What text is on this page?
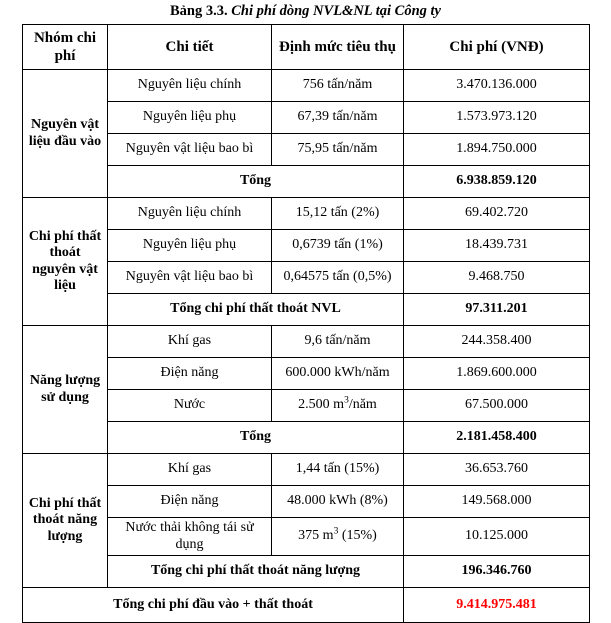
Bảng 3.3. Chi phí dòng NVL&NL tại Công ty
Nhóm chi phí	Chi tiết	Định mức tiêu thụ	Chi phí (VNĐ)
Nguyên vật liệu đầu vào	Nguyên liệu chính	756 tấn/năm	3.470.136.000
	Nguyên liệu phụ	67,39 tấn/năm	1.573.973.120
	Nguyên vật liệu bao bì	75,95 tấn/năm	1.894.750.000
	Tổng		6.938.859.120
Chi phí thất thoát nguyên vật liệu	Nguyên liệu chính	15,12 tấn (2%)	69.402.720
	Nguyên liệu phụ	0,6739 tấn (1%)	18.439.731
	Nguyên vật liệu bao bì	0,64575 tấn (0,5%)	9.468.750
	Tổng chi phí thất thoát NVL		97.311.201
Năng lượng sử dụng	Khí gas	9,6 tấn/năm	244.358.400
	Điện năng	600.000 kWh/năm	1.869.600.000
	Nước	2.500 $m^3$/năm	67.500.000
	Tổng		2.181.458.400
Chi phí thất thoát năng lượng	Khí gas	1,44 tấn (15%)	36.653.760
	Điện năng	48.000 kWh (8%)	149.568.000
	Nước thải không tái sử dụng	375 $m^3$ (15%)	10.125.000
	Tổng chi phí thất thoát năng lượng		196.346.760
Tổng chi phí đầu vào + thất thoát			9.414.975.481
